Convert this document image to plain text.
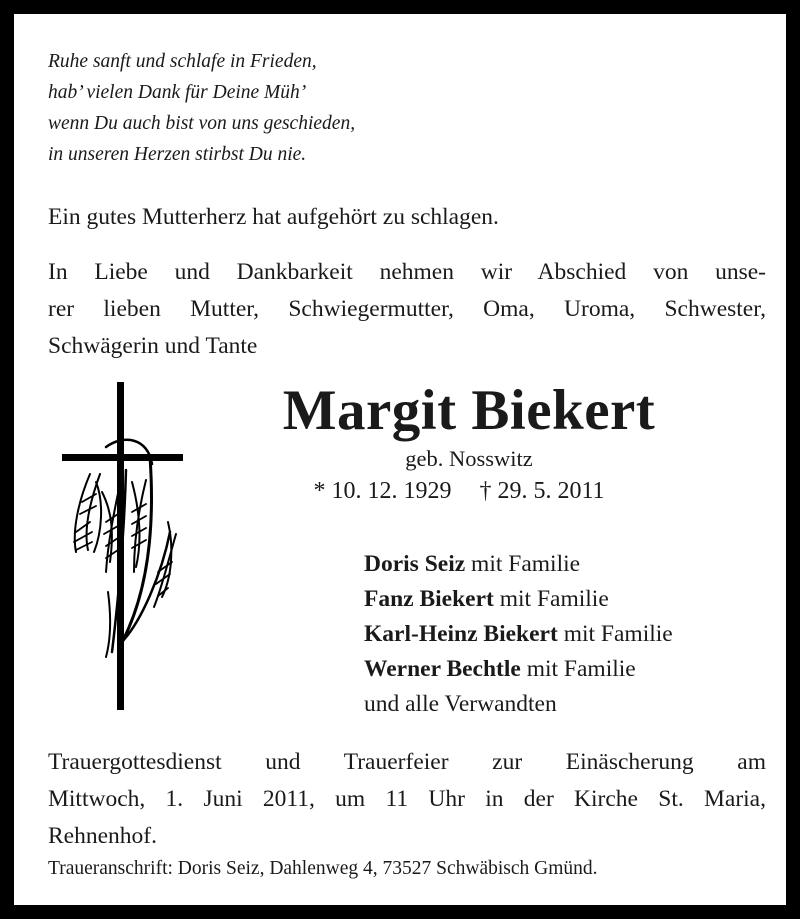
Ruhe sanft und schlafe in Frieden,
hab’ vielen Dank für Deine Müh’
wenn Du auch bist von uns geschieden,
in unseren Herzen stirbst Du nie.
Ein gutes Mutterherz hat aufgehört zu schlagen.
In Liebe und Dankbarkeit nehmen wir Abschied von unse-
rer lieben Mutter, Schwiegermutter, Oma, Uroma, Schwester,
Schwägerin und Tante
Margit Biekert
geb. Nosswitz
* 10. 12. 1929 † 29. 5. 2011
Doris Seiz mit Familie
Fanz Biekert mit Familie
Karl-Heinz Biekert mit Familie
Werner Bechtle mit Familie
und alle Verwandten
Trauergottesdienst und Trauerfeier zur Einäscherung am
Mittwoch, 1. Juni 2011, um 11 Uhr in der Kirche St. Maria,
Rehnenhof.
Traueranschrift: Doris Seiz, Dahlenweg 4, 73527 Schwäbisch Gmünd.
